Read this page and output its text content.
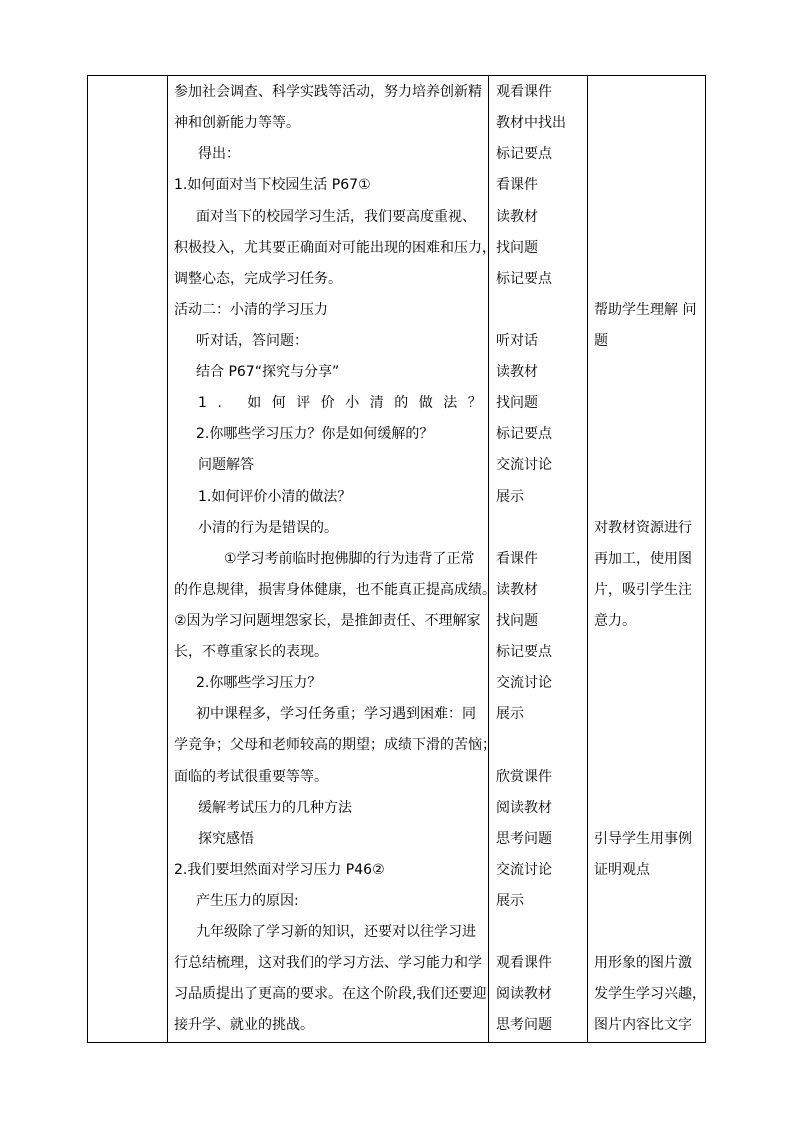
参加社会调查、科学实践等活动，努力培养创新精
神和创新能力等等。
得出：
1.如何面对当下校园生活 P67①
面对当下的校园学习生活，我们要高度重视、
积极投入，尤其要正确面对可能出现的困难和压力，
调整心态，完成学习任务。
活动二：小清的学习压力
听对话，答问题：
结合 P67“探究与分享”
1. 如何评价小清的做法？
2.你哪些学习压力？你是如何缓解的？
问题解答
1.如何评价小清的做法？
小清的行为是错误的。
①学习考前临时抱佛脚的行为违背了正常
的作息规律，损害身体健康，也不能真正提高成绩。
②因为学习问题埋怨家长，是推卸责任、不理解家
长，不尊重家长的表现。
2.你哪些学习压力？
初中课程多，学习任务重；学习遇到困难：同
学竞争；父母和老师较高的期望；成绩下滑的苦恼；
面临的考试很重要等等。
缓解考试压力的几种方法
探究感悟
2.我们要坦然面对学习压力 P46②
产生压力的原因:
九年级除了学习新的知识，还要对以往学习进
行总结梳理，这对我们的学习方法、学习能力和学
习品质提出了更高的要求。在这个阶段,我们还要迎
接升学、就业的挑战。
观看课件
教材中找出
标记要点
看课件
读教材
找问题
标记要点
听对话
读教材
找问题
标记要点
交流讨论
展示
看课件
读教材
找问题
标记要点
交流讨论
展示
欣赏课件
阅读教材
思考问题
交流讨论
展示
观看课件
阅读教材
思考问题
帮助学生理解 问
题
对教材资源进行
再加工，使用图
片，吸引学生注
意力。
引导学生用事例
证明观点
用形象的图片激
发学生学习兴趣，
图片内容比文字
